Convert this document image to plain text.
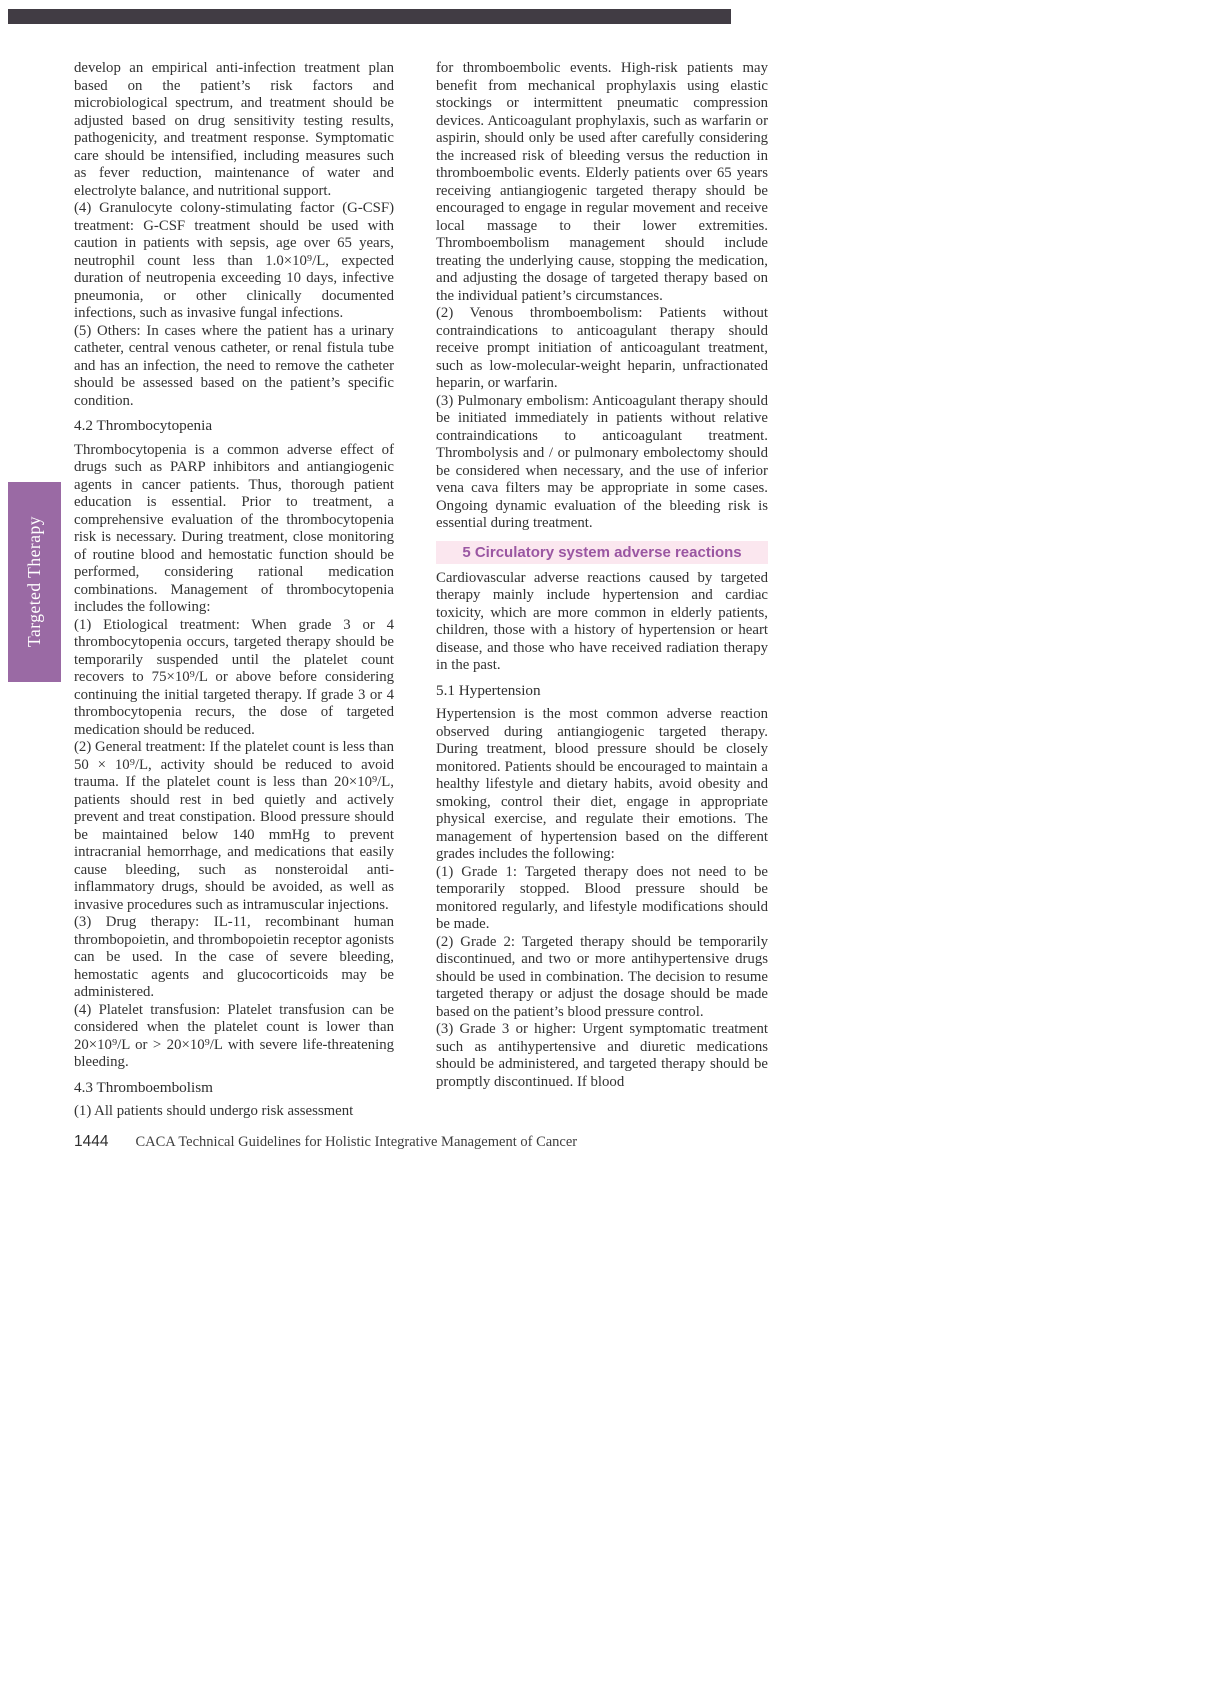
Targeted Therapy

develop an empirical anti-infection treatment plan based on the patient’s risk factors and microbiological spectrum, and treatment should be adjusted based on drug sensitivity testing results, pathogenicity, and treatment response. Symptomatic care should be intensified, including measures such as fever reduction, maintenance of water and electrolyte balance, and nutritional support.

(4) Granulocyte colony-stimulating factor (G-CSF) treatment: G-CSF treatment should be used with caution in patients with sepsis, age over 65 years, neutrophil count less than 1.0×10⁹/L, expected duration of neutropenia exceeding 10 days, infective pneumonia, or other clinically documented infections, such as invasive fungal infections.

(5) Others: In cases where the patient has a urinary catheter, central venous catheter, or renal fistula tube and has an infection, the need to remove the catheter should be assessed based on the patient’s specific condition.

4.2 Thrombocytopenia

Thrombocytopenia is a common adverse effect of drugs such as PARP inhibitors and antiangiogenic agents in cancer patients. Thus, thorough patient education is essential. Prior to treatment, a comprehensive evaluation of the thrombocytopenia risk is necessary. During treatment, close monitoring of routine blood and hemostatic function should be performed, considering rational medication combinations. Management of thrombocytopenia includes the following:

(1) Etiological treatment: When grade 3 or 4 thrombocytopenia occurs, targeted therapy should be temporarily suspended until the platelet count recovers to 75×10⁹/L or above before considering continuing the initial targeted therapy. If grade 3 or 4 thrombocytopenia recurs, the dose of targeted medication should be reduced.

(2) General treatment: If the platelet count is less than 50 × 10⁹/L, activity should be reduced to avoid trauma. If the platelet count is less than 20×10⁹/L, patients should rest in bed quietly and actively prevent and treat constipation. Blood pressure should be maintained below 140 mmHg to prevent intracranial hemorrhage, and medications that easily cause bleeding, such as nonsteroidal anti-inflammatory drugs, should be avoided, as well as invasive procedures such as intramuscular injections.

(3) Drug therapy: IL-11, recombinant human thrombopoietin, and thrombopoietin receptor agonists can be used. In the case of severe bleeding, hemostatic agents and glucocorticoids may be administered.

(4) Platelet transfusion: Platelet transfusion can be considered when the platelet count is lower than 20×10⁹/L or > 20×10⁹/L with severe life-threatening bleeding.

4.3 Thromboembolism

(1) All patients should undergo risk assessment

for thromboembolic events. High-risk patients may benefit from mechanical prophylaxis using elastic stockings or intermittent pneumatic compression devices. Anticoagulant prophylaxis, such as warfarin or aspirin, should only be used after carefully considering the increased risk of bleeding versus the reduction in thromboembolic events. Elderly patients over 65 years receiving antiangiogenic targeted therapy should be encouraged to engage in regular movement and receive local massage to their lower extremities. Thromboembolism management should include treating the underlying cause, stopping the medication, and adjusting the dosage of targeted therapy based on the individual patient’s circumstances.

(2) Venous thromboembolism: Patients without contraindications to anticoagulant therapy should receive prompt initiation of anticoagulant treatment, such as low-molecular-weight heparin, unfractionated heparin, or warfarin.

(3) Pulmonary embolism: Anticoagulant therapy should be initiated immediately in patients without relative contraindications to anticoagulant treatment. Thrombolysis and / or pulmonary embolectomy should be considered when necessary, and the use of inferior vena cava filters may be appropriate in some cases. Ongoing dynamic evaluation of the bleeding risk is essential during treatment.

5 Circulatory system adverse reactions

Cardiovascular adverse reactions caused by targeted therapy mainly include hypertension and cardiac toxicity, which are more common in elderly patients, children, those with a history of hypertension or heart disease, and those who have received radiation therapy in the past.

5.1 Hypertension

Hypertension is the most common adverse reaction observed during antiangiogenic targeted therapy. During treatment, blood pressure should be closely monitored. Patients should be encouraged to maintain a healthy lifestyle and dietary habits, avoid obesity and smoking, control their diet, engage in appropriate physical exercise, and regulate their emotions. The management of hypertension based on the different grades includes the following:

(1) Grade 1: Targeted therapy does not need to be temporarily stopped. Blood pressure should be monitored regularly, and lifestyle modifications should be made.

(2) Grade 2: Targeted therapy should be temporarily discontinued, and two or more antihypertensive drugs should be used in combination. The decision to resume targeted therapy or adjust the dosage should be made based on the patient’s blood pressure control.

(3) Grade 3 or higher: Urgent symptomatic treatment such as antihypertensive and diuretic medications should be administered, and targeted therapy should be promptly discontinued. If blood

1444 CACA Technical Guidelines for Holistic Integrative Management of Cancer
